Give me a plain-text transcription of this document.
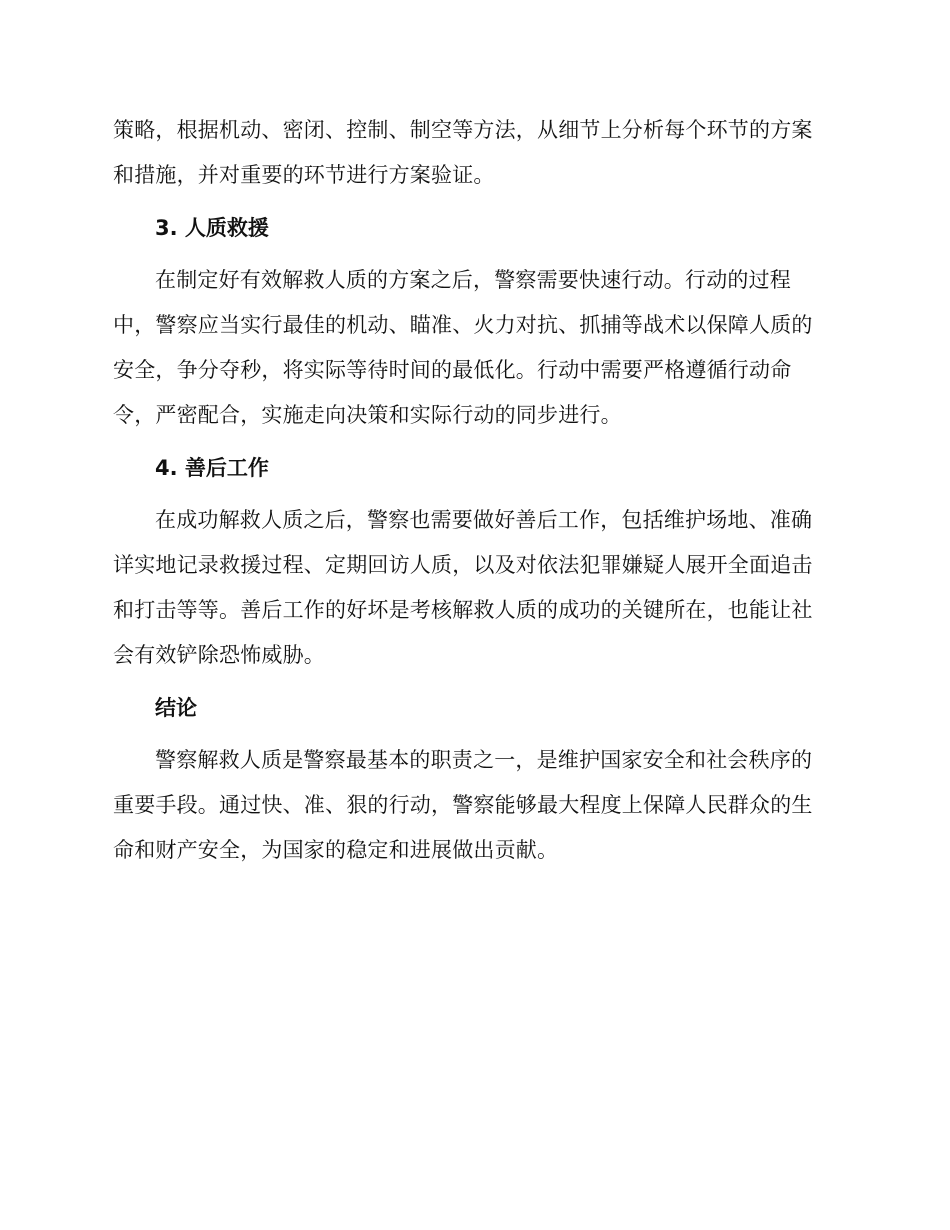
策略，根据机动、密闭、控制、制空等方法，从细节上分析每个环节的方案
和措施，并对重要的环节进行方案验证。

3. 人质救援

在制定好有效解救人质的方案之后，警察需要快速行动。行动的过程
中，警察应当实行最佳的机动、瞄准、火力对抗、抓捕等战术以保障人质的
安全，争分夺秒，将实际等待时间的最低化。行动中需要严格遵循行动命
令，严密配合，实施走向决策和实际行动的同步进行。

4. 善后工作

在成功解救人质之后，警察也需要做好善后工作，包括维护场地、准确
详实地记录救援过程、定期回访人质，以及对依法犯罪嫌疑人展开全面追击
和打击等等。善后工作的好坏是考核解救人质的成功的关键所在，也能让社
会有效铲除恐怖威胁。

结论

警察解救人质是警察最基本的职责之一，是维护国家安全和社会秩序的
重要手段。通过快、准、狠的行动，警察能够最大程度上保障人民群众的生
命和财产安全，为国家的稳定和进展做出贡献。
